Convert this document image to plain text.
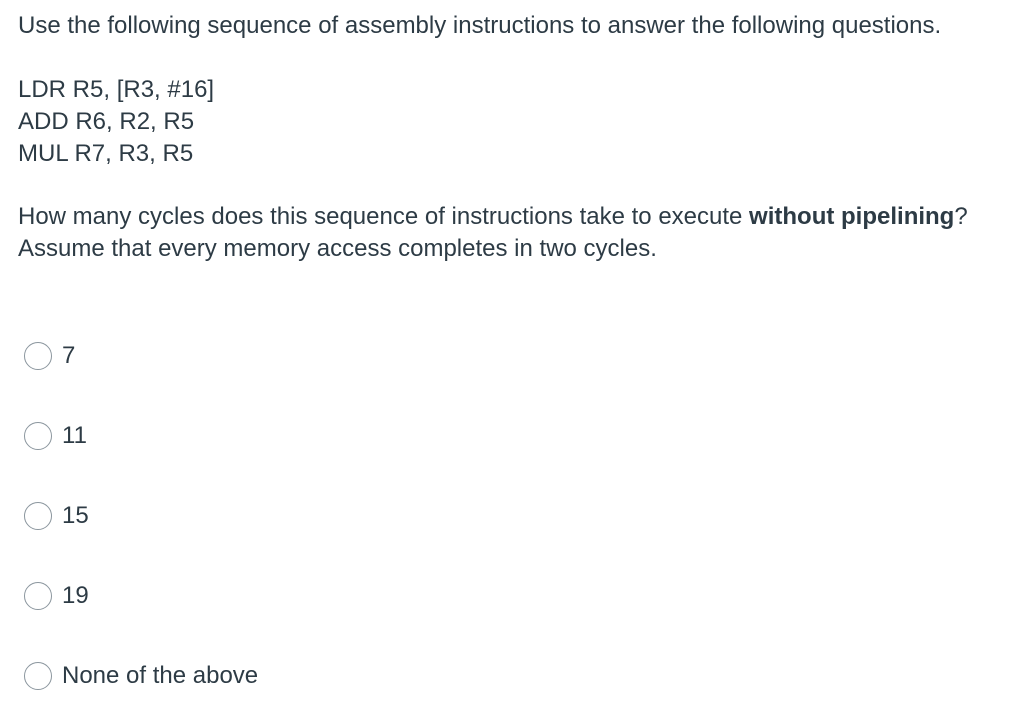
Use the following sequence of assembly instructions to answer the following questions.

LDR R5, [R3, #16]
ADD R6, R2, R5
MUL R7, R3, R5

How many cycles does this sequence of instructions take to execute without pipelining? Assume that every memory access completes in two cycles.

7
11
15
19
None of the above
